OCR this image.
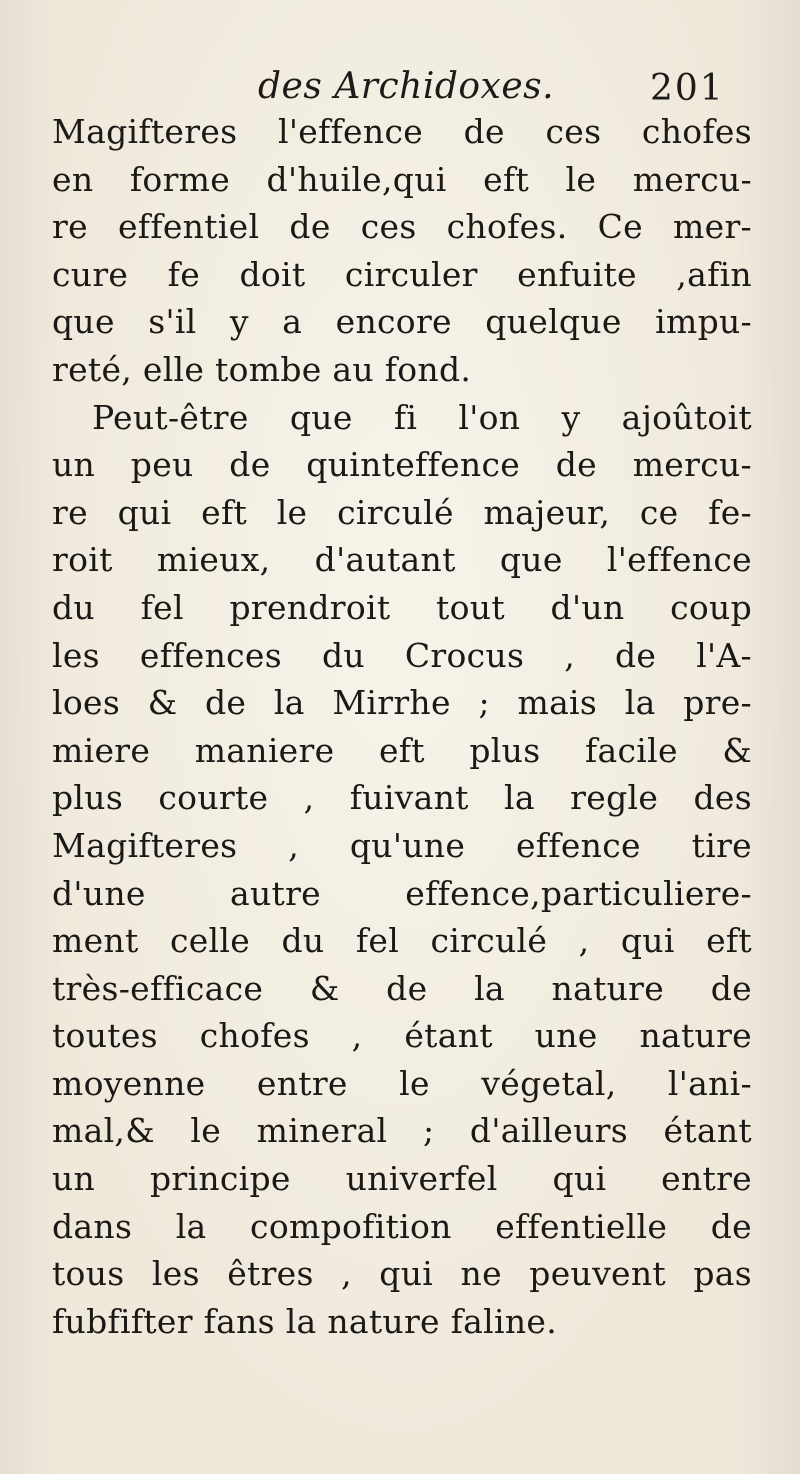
des Archidoxes.	201
Magifteres l'effence de ces chofes
en forme d'huile,qui eft le mercu-
re effentiel de ces chofes. Ce mer-
cure fe doit circuler enfuite ,afin
que s'il y a encore quelque impu-
reté, elle tombe au fond.
Peut-être que fi l'on y ajoûtoit
un peu de quinteffence de mercu-
re qui eft le circulé majeur, ce fe-
roit mieux, d'autant que l'effence
du fel prendroit tout d'un coup
les effences du Crocus , de l'A-
loes & de la Mirrhe ; mais la pre-
miere maniere eft plus facile &
plus courte , fuivant la regle des
Magifteres , qu'une effence tire
d'une autre effence,particuliere-
ment celle du fel circulé , qui eft
très-efficace & de la nature de
toutes chofes , étant une nature
moyenne entre le végetal, l'ani-
mal,& le mineral ; d'ailleurs étant
un principe univerfel qui entre
dans la compofition effentielle de
tous les êtres , qui ne peuvent pas
fubfifter fans la nature faline.
